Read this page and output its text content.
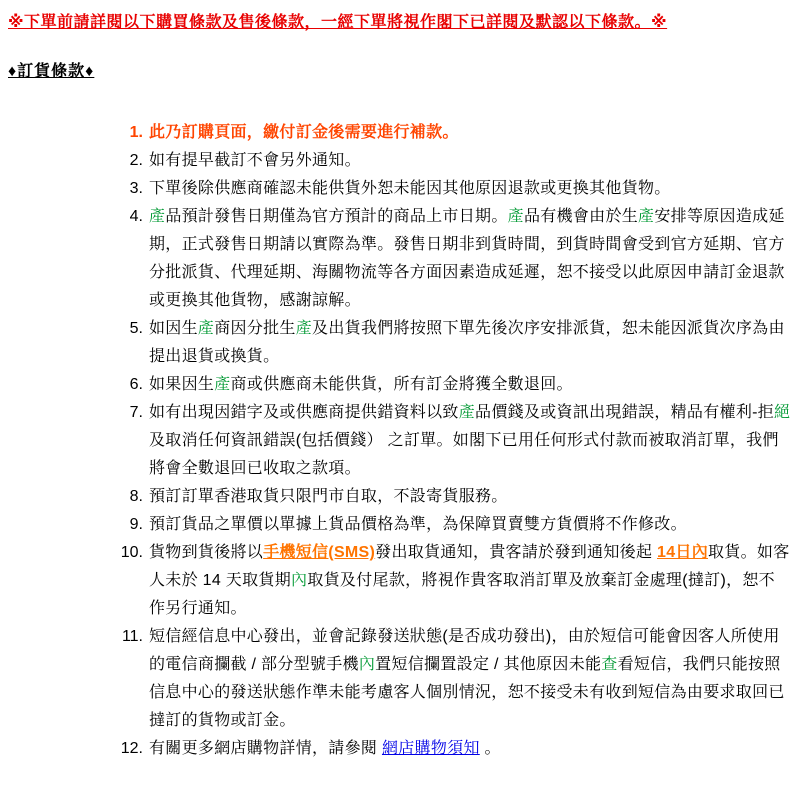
※下單前請詳閱以下購買條款及售後條款，一經下單將視作閣下已詳閱及默認以下條款。※
♦訂貨條款♦
1. 此乃訂購頁面，繳付訂金後需要進行補款。
2. 如有提早截訂不會另外通知。
3. 下單後除供應商確認未能供貨外恕未能因其他原因退款或更換其他貨物。
4. 產品預計發售日期僅為官方預計的商品上市日期。產品有機會由於生產安排等原因造成延期，正式發售日期請以實際為準。發售日期非到貨時間，到貨時間會受到官方延期、官方分批派貨、代理延期、海關物流等各方面因素造成延遲，恕不接受以此原因申請訂金退款或更換其他貨物，感謝諒解。
5. 如因生產商因分批生產及出貨我們將按照下單先後次序安排派貨，恕未能因派貨次序為由提出退貨或換貨。
6. 如果因生產商或供應商未能供貨，所有訂金將獲全數退回。
7. 如有出現因錯字及或供應商提供錯資料以致產品價錢及或資訊出現錯誤，精品有權利-拒絕及取消任何資訊錯誤(包括價錢） 之訂單。如閣下已用任何形式付款而被取消訂單，我們將會全數退回已收取之款項。
8. 預訂訂單香港取貨只限門市自取，不設寄貨服務。
9. 預訂貨品之單價以單據上貨品價格為準，為保障買賣雙方貨價將不作修改。
10. 貨物到貨後將以手機短信(SMS)發出取貨通知，貴客請於發到通知後起 14日內取貨。如客人未於 14 天取貨期內取貨及付尾款，將視作貴客取消訂單及放棄訂金處理(撻訂)，恕不作另行通知。
11. 短信經信息中心發出，並會記錄發送狀態(是否成功發出)，由於短信可能會因客人所使用的電信商攔截 / 部分型號手機內置短信攔置設定 / 其他原因未能查看短信，我們只能按照信息中心的發送狀態作準未能考慮客人個別情況，恕不接受未有收到短信為由要求取回已撻訂的貨物或訂金。
12. 有關更多網店購物詳情，請參閱 網店購物須知 。
